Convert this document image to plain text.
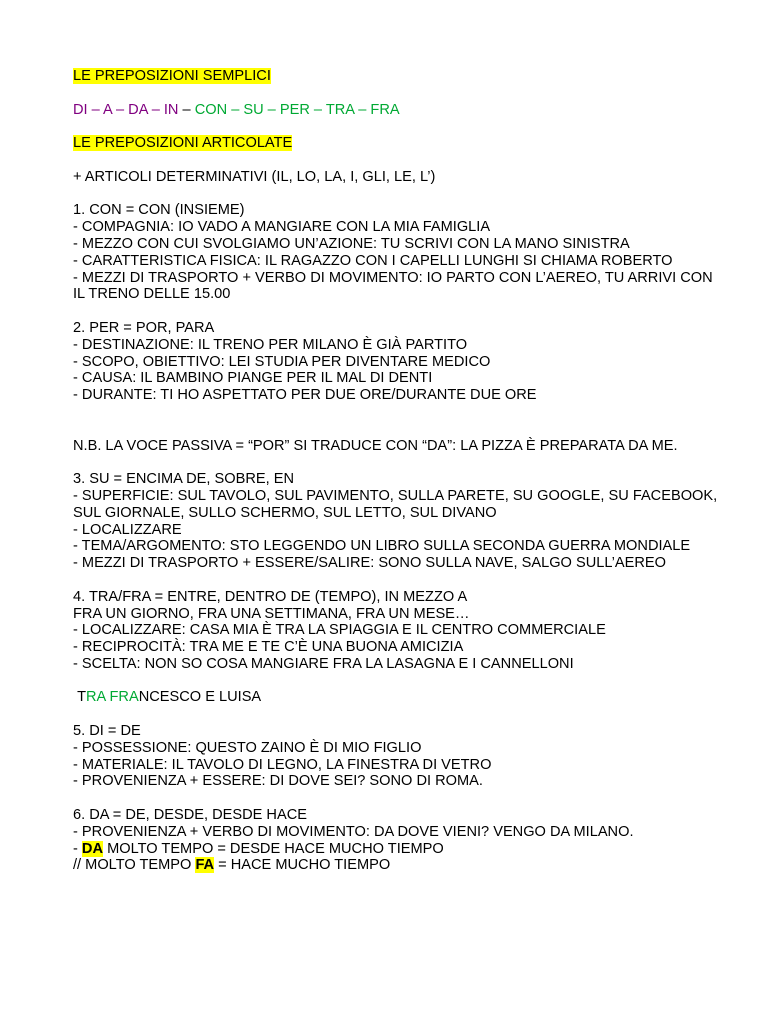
LE PREPOSIZIONI SEMPLICI

DI – A – DA – IN – CON – SU – PER – TRA – FRA

LE PREPOSIZIONI ARTICOLATE

+ ARTICOLI DETERMINATIVI (IL, LO, LA, I, GLI, LE, L’)

1. CON = CON (INSIEME)

- COMPAGNIA: IO VADO A MANGIARE CON LA MIA FAMIGLIA

- MEZZO CON CUI SVOLGIAMO UN’AZIONE: TU SCRIVI CON LA MANO SINISTRA

- CARATTERISTICA FISICA: IL RAGAZZO CON I CAPELLI LUNGHI SI CHIAMA ROBERTO

- MEZZI DI TRASPORTO + VERBO DI MOVIMENTO: IO PARTO CON L’AEREO, TU ARRIVI CON IL TRENO DELLE 15.00

2. PER = POR, PARA

- DESTINAZIONE: IL TRENO PER MILANO È GIÀ PARTITO

- SCOPO, OBIETTIVO: LEI STUDIA PER DIVENTARE MEDICO

- CAUSA: IL BAMBINO PIANGE PER IL MAL DI DENTI

- DURANTE: TI HO ASPETTATO PER DUE ORE/DURANTE DUE ORE

N.B. LA VOCE PASSIVA = “POR” SI TRADUCE CON “DA”: LA PIZZA È PREPARATA DA ME.

3. SU = ENCIMA DE, SOBRE, EN

- SUPERFICIE: SUL TAVOLO, SUL PAVIMENTO, SULLA PARETE, SU GOOGLE, SU FACEBOOK, SUL GIORNALE, SULLO SCHERMO, SUL LETTO, SUL DIVANO

- LOCALIZZARE

- TEMA/ARGOMENTO: STO LEGGENDO UN LIBRO SULLA SECONDA GUERRA MONDIALE

- MEZZI DI TRASPORTO + ESSERE/SALIRE: SONO SULLA NAVE, SALGO SULL’AEREO

4. TRA/FRA = ENTRE, DENTRO DE (TEMPO), IN MEZZO A

FRA UN GIORNO, FRA UNA SETTIMANA, FRA UN MESE…

- LOCALIZZARE: CASA MIA È TRA LA SPIAGGIA E IL CENTRO COMMERCIALE

- RECIPROCITÀ: TRA ME E TE C’È UNA BUONA AMICIZIA

- SCELTA: NON SO COSA MANGIARE FRA LA LASAGNA E I CANNELLONI

TRA FRANCESCO E LUISA

5. DI = DE

- POSSESSIONE: QUESTO ZAINO È DI MIO FIGLIO

- MATERIALE: IL TAVOLO DI LEGNO, LA FINESTRA DI VETRO

- PROVENIENZA + ESSERE: DI DOVE SEI? SONO DI ROMA.

6. DA = DE, DESDE, DESDE HACE

- PROVENIENZA + VERBO DI MOVIMENTO: DA DOVE VIENI? VENGO DA MILANO.

- DA MOLTO TEMPO = DESDE HACE MUCHO TIEMPO

// MOLTO TEMPO FA = HACE MUCHO TIEMPO
